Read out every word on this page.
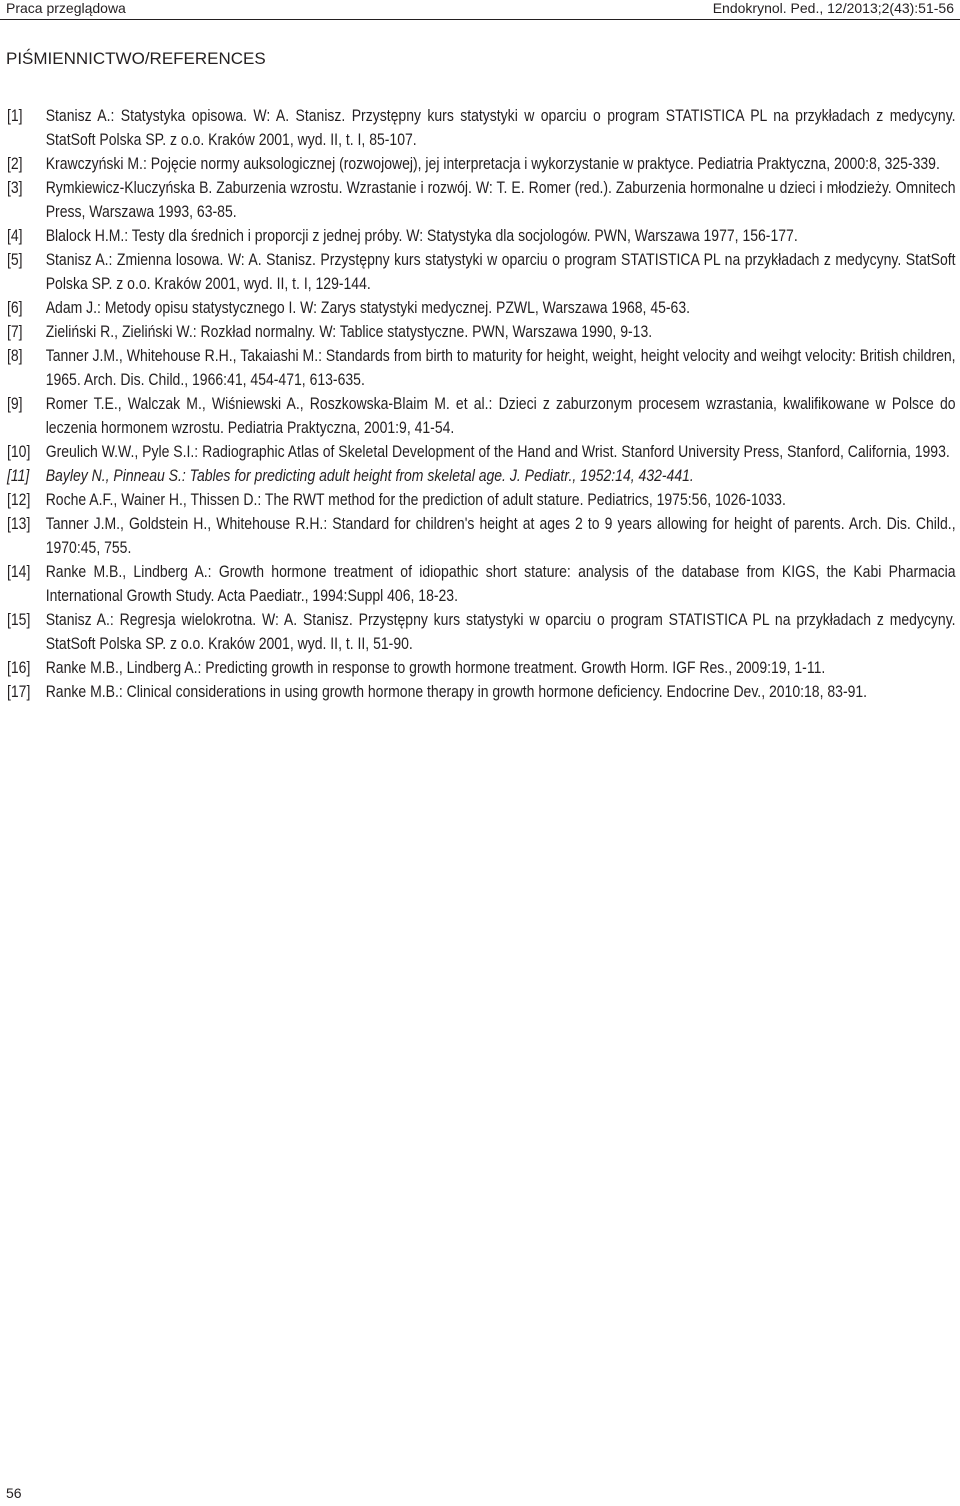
Praca przeglądowa	Endokrynol. Ped., 12/2013;2(43):51-56
PIŚMIENNICTWO/REFERENCES
[1] Stanisz A.: Statystyka opisowa. W: A. Stanisz. Przystępny kurs statystyki w oparciu o program STATISTICA PL na przykładach z medycyny. StatSoft Polska SP. z o.o. Kraków 2001, wyd. II, t. I, 85-107.
[2] Krawczyński M.: Pojęcie normy auksologicznej (rozwojowej), jej interpretacja i wykorzystanie w praktyce. Pediatria Praktyczna, 2000:8, 325-339.
[3] Rymkiewicz-Kluczyńska B. Zaburzenia wzrostu. Wzrastanie i rozwój. W: T. E. Romer (red.). Zaburzenia hormonalne u dzieci i młodzieży. Omnitech Press, Warszawa 1993, 63-85.
[4] Blalock H.M.: Testy dla średnich i proporcji z jednej próby. W: Statystyka dla socjologów. PWN, Warszawa 1977, 156-177.
[5] Stanisz A.: Zmienna losowa. W: A. Stanisz. Przystępny kurs statystyki w oparciu o program STATISTICA PL na przykładach z medycyny. StatSoft Polska SP. z o.o. Kraków 2001, wyd. II, t. I, 129-144.
[6] Adam J.: Metody opisu statystycznego I. W: Zarys statystyki medycznej. PZWL, Warszawa 1968, 45-63.
[7] Zieliński R., Zieliński W.: Rozkład normalny. W: Tablice statystyczne. PWN, Warszawa 1990, 9-13.
[8] Tanner J.M., Whitehouse R.H., Takaiashi M.: Standards from birth to maturity for height, weight, height velocity and weihgt velocity: British children, 1965. Arch. Dis. Child., 1966:41, 454-471, 613-635.
[9] Romer T.E., Walczak M., Wiśniewski A., Roszkowska-Blaim M. et al.: Dzieci z zaburzonym procesem wzrastania, kwalifikowane w Polsce do leczenia hormonem wzrostu. Pediatria Praktyczna, 2001:9, 41-54.
[10] Greulich W.W., Pyle S.I.: Radiographic Atlas of Skeletal Development of the Hand and Wrist. Stanford University Press, Stanford, California, 1993.
[11] Bayley N., Pinneau S.: Tables for predicting adult height from skeletal age. J. Pediatr., 1952:14, 432-441.
[12] Roche A.F., Wainer H., Thissen D.: The RWT method for the prediction of adult stature. Pediatrics, 1975:56, 1026-1033.
[13] Tanner J.M., Goldstein H., Whitehouse R.H.: Standard for children's height at ages 2 to 9 years allowing for height of parents. Arch. Dis. Child., 1970:45, 755.
[14] Ranke M.B., Lindberg A.: Growth hormone treatment of idiopathic short stature: analysis of the database from KIGS, the Kabi Pharmacia International Growth Study. Acta Paediatr., 1994:Suppl 406, 18-23.
[15] Stanisz A.: Regresja wielokrotna. W: A. Stanisz. Przystępny kurs statystyki w oparciu o program STATISTICA PL na przykładach z medycyny. StatSoft Polska SP. z o.o. Kraków 2001, wyd. II, t. II, 51-90.
[16] Ranke M.B., Lindberg A.: Predicting growth in response to growth hormone treatment. Growth Horm. IGF Res., 2009:19, 1-11.
[17] Ranke M.B.: Clinical considerations in using growth hormone therapy in growth hormone deficiency. Endocrine Dev., 2010:18, 83-91.
56
